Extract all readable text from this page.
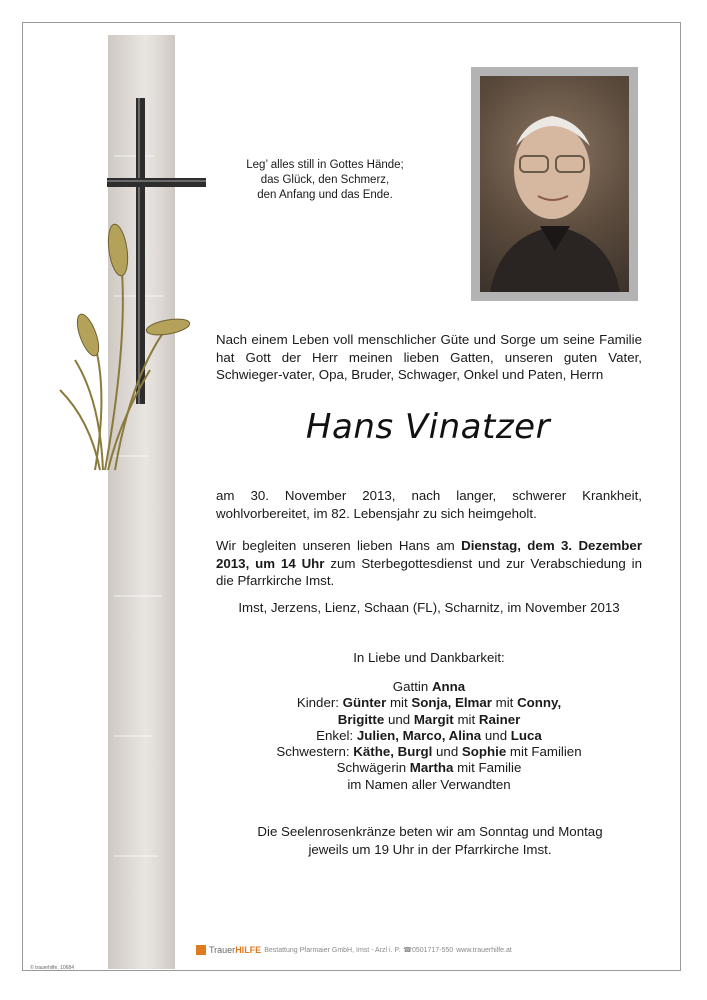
Leg’ alles still in Gottes Hände;
das Glück, den Schmerz,
den Anfang und das Ende.
Nach einem Leben voll menschlicher Güte und Sorge um seine Familie hat Gott der Herr meinen lieben Gatten, unseren guten Vater, Schwieger-vater, Opa, Bruder, Schwager, Onkel und Paten, Herrn
Hans Vinatzer
am 30. November 2013, nach langer, schwerer Krankheit, wohlvorbereitet, im 82. Lebensjahr zu sich heimgeholt.
Wir begleiten unseren lieben Hans am Dienstag, dem 3. Dezember 2013, um 14 Uhr zum Sterbegottesdienst und zur Verabschiedung in die Pfarrkirche Imst.
Imst, Jerzens, Lienz, Schaan (FL), Scharnitz, im November 2013
In Liebe und Dankbarkeit:
Gattin Anna
Kinder: Günter mit Sonja, Elmar mit Conny,
Brigitte und Margit mit Rainer
Enkel: Julien, Marco, Alina und Luca
Schwestern: Käthe, Burgl und Sophie mit Familien
Schwägerin Martha mit Familie
im Namen aller Verwandten
Die Seelenrosenkränze beten wir am Sonntag und Montag jeweils um 19 Uhr in der Pfarrkirche Imst.
TrauerHILFE Bestattung Pfarmaier GmbH, Imst - Arzl i. P. ☎0501717-550 www.trauerhilfe.at
© trauerhilfe, 10684
